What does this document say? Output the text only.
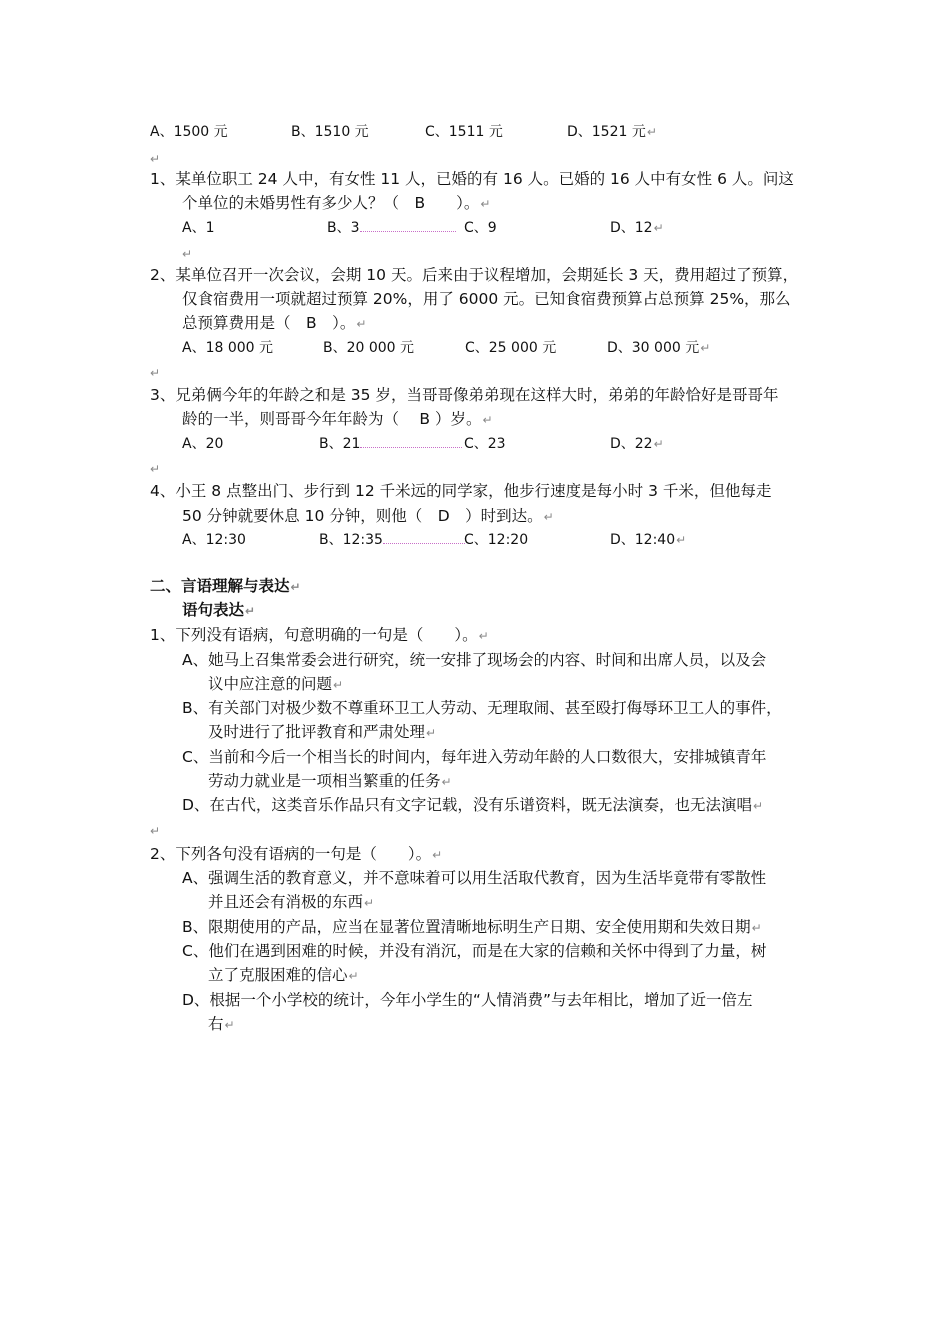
A、1500 元	B、1510 元	C、1511 元	D、1521 元↵
↵
1、某单位职工 24 人中，有女性 11 人，已婚的有 16 人。已婚的 16 人中有女性 6 人。问这
个单位的未婚男性有多少人？（　B　　）。↵
A、1	B、3	C、9	D、12↵
↵
2、某单位召开一次会议，会期 10 天。后来由于议程增加，会期延长 3 天，费用超过了预算，
仅食宿费用一项就超过预算 20%，用了 6000 元。已知食宿费预算占总预算 25%，那么
总预算费用是（　B　）。↵
A、18 000 元	B、20 000 元	C、25 000 元	D、30 000 元↵
↵
3、兄弟俩今年的年龄之和是 35 岁，当哥哥像弟弟现在这样大时，弟弟的年龄恰好是哥哥年
龄的一半，则哥哥今年年龄为（　 B ）岁。↵
A、20	B、21	C、23	D、22↵
↵
4、小王 8 点整出门、步行到 12 千米远的同学家，他步行速度是每小时 3 千米，但他每走
50 分钟就要休息 10 分钟，则他（　D　）时到达。↵
A、12:30	B、12:35	C、12:20	D、12:40↵
二、言语理解与表达↵
语句表达↵
1、下列没有语病，句意明确的一句是（　　）。↵
A、她马上召集常委会进行研究，统一安排了现场会的内容、时间和出席人员，以及会
议中应注意的问题↵
B、有关部门对极少数不尊重环卫工人劳动、无理取闹、甚至殴打侮辱环卫工人的事件，
及时进行了批评教育和严肃处理↵
C、当前和今后一个相当长的时间内，每年进入劳动年龄的人口数很大，安排城镇青年
劳动力就业是一项相当繁重的任务↵
D、在古代，这类音乐作品只有文字记载，没有乐谱资料，既无法演奏，也无法演唱↵
↵
2、下列各句没有语病的一句是（　　）。↵
A、强调生活的教育意义，并不意味着可以用生活取代教育，因为生活毕竟带有零散性
并且还会有消极的东西↵
B、限期使用的产品，应当在显著位置清晰地标明生产日期、安全使用期和失效日期↵
C、他们在遇到困难的时候，并没有消沉，而是在大家的信赖和关怀中得到了力量，树
立了克服困难的信心↵
D、根据一个小学校的统计，今年小学生的“人情消费”与去年相比，增加了近一倍左
右↵
